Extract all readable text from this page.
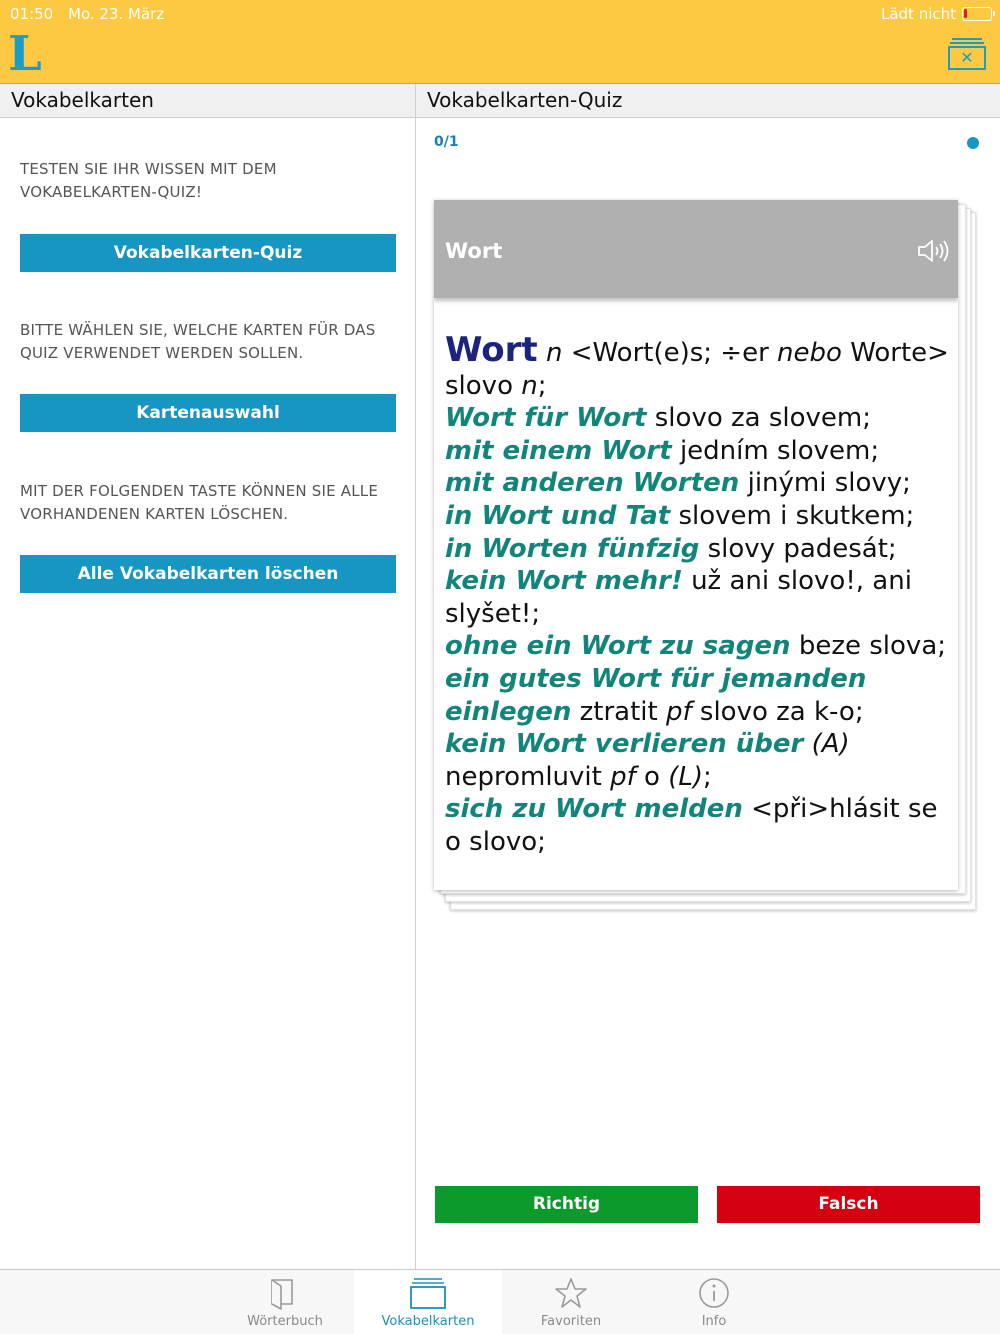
01:50 Mo. 23. März	Lädt nicht
L	✕
Vokabelkarten	Vokabelkarten-Quiz
TESTEN SIE IHR WISSEN MIT DEM VOKABELKARTEN-QUIZ!
Vokabelkarten-Quiz
BITTE WÄHLEN SIE, WELCHE KARTEN FÜR DAS QUIZ VERWENDET WERDEN SOLLEN.
Kartenauswahl
MIT DER FOLGENDEN TASTE KÖNNEN SIE ALLE VORHANDENEN KARTEN LÖSCHEN.
Alle Vokabelkarten löschen
0/1
Wort
Wort n <Wort(e)s; ÷er nebo Worte> slovo n;
Wort für Wort slovo za slovem;
mit einem Wort jedním slovem;
mit anderen Worten jinými slovy;
in Wort und Tat slovem i skutkem;
in Worten fünfzig slovy padesát;
kein Wort mehr! už ani slovo!, ani slyšet!;
ohne ein Wort zu sagen beze slova;
ein gutes Wort für jemanden einlegen ztratit pf slovo za k-o;
kein Wort verlieren über (A) nepromluvit pf o (L);
sich zu Wort melden <při>hlásit se o slovo;
Richtig	Falsch
Wörterbuch	Vokabelkarten	Favoriten	Info
